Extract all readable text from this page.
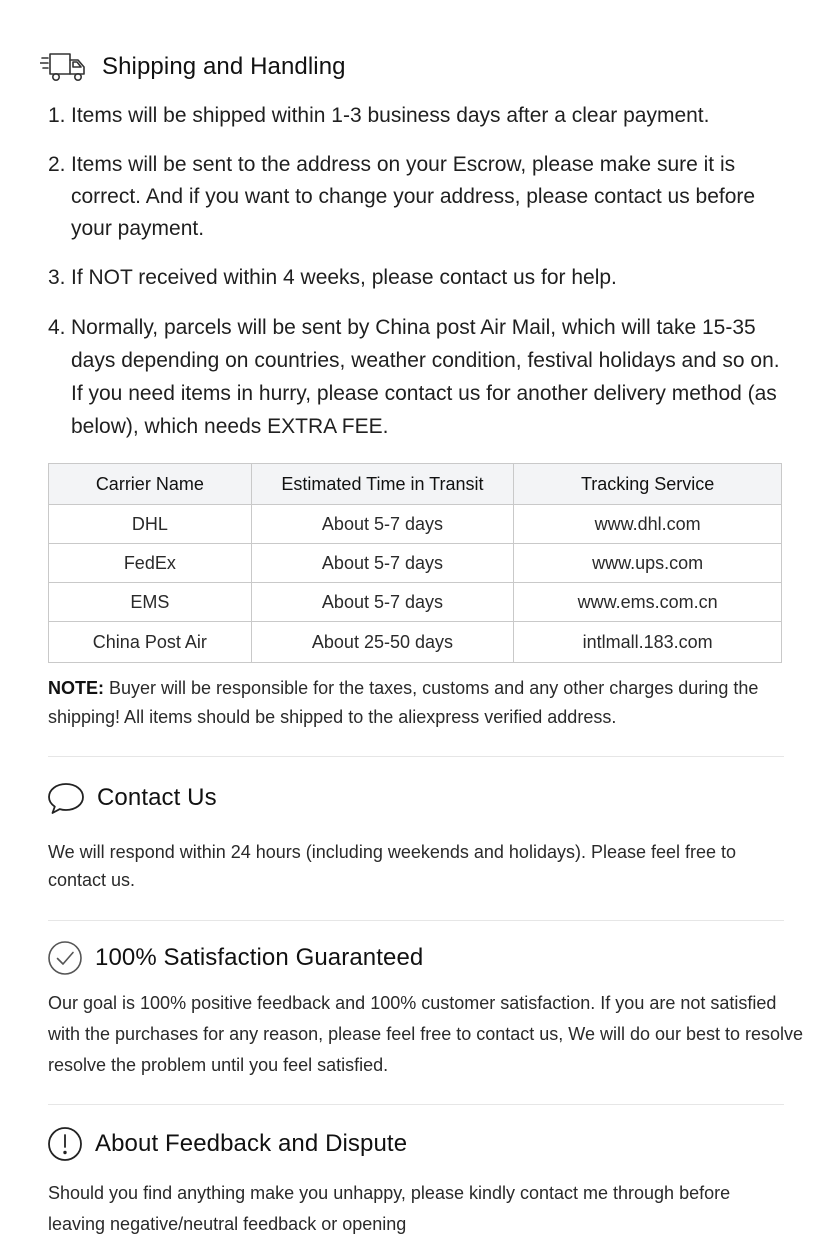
Shipping and Handling
1. Items will be shipped within 1-3 business days after a clear payment.
2. Items will be sent to the address on your Escrow, please make sure it is correct. And if you want to change your address, please contact us before your payment.
3. If NOT received within 4 weeks, please contact us for help.
4. Normally, parcels will be sent by China post Air Mail, which will take 15-35 days depending on countries, weather condition, festival holidays and so on. If you need items in hurry, please contact us for another delivery method (as below), which needs EXTRA FEE.
Carrier Name	Estimated Time in Transit	Tracking Service
DHL	About 5-7 days	www.dhl.com
FedEx	About 5-7 days	www.ups.com
EMS	About 5-7 days	www.ems.com.cn
China Post Air	About 25-50 days	intlmall.183.com

NOTE: Buyer will be responsible for the taxes, customs and any other charges during the shipping! All items should be shipped to the aliexpress verified address.

Contact Us

We will respond within 24 hours (including weekends and holidays). Please feel free to contact us.

100% Satisfaction Guaranteed

Our goal is 100% positive feedback and 100% customer satisfaction. If you are not satisfied with the purchases for any reason, please feel free to contact us, We will do our best to resolve resolve the problem until you feel satisfied.

About Feedback and Dispute

Should you find anything make you unhappy, please kindly contact me through before leaving negative/neutral feedback or opening
